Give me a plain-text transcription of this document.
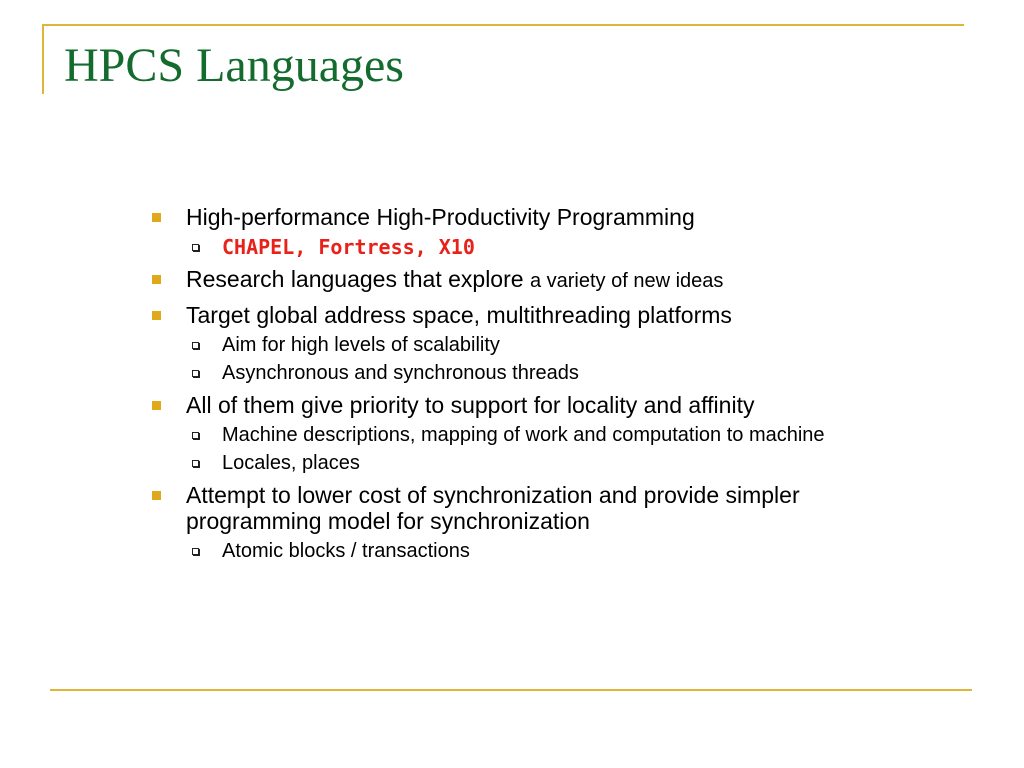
HPCS Languages
High-performance High-Productivity Programming
CHAPEL, Fortress, X10
Research languages that explore a variety of new ideas
Target global address space, multithreading platforms
Aim for high levels of scalability
Asynchronous and synchronous threads
All of them give priority to support for locality and affinity
Machine descriptions, mapping of work and computation to machine
Locales, places
Attempt to lower cost of synchronization and provide simpler programming model for synchronization
Atomic blocks / transactions
